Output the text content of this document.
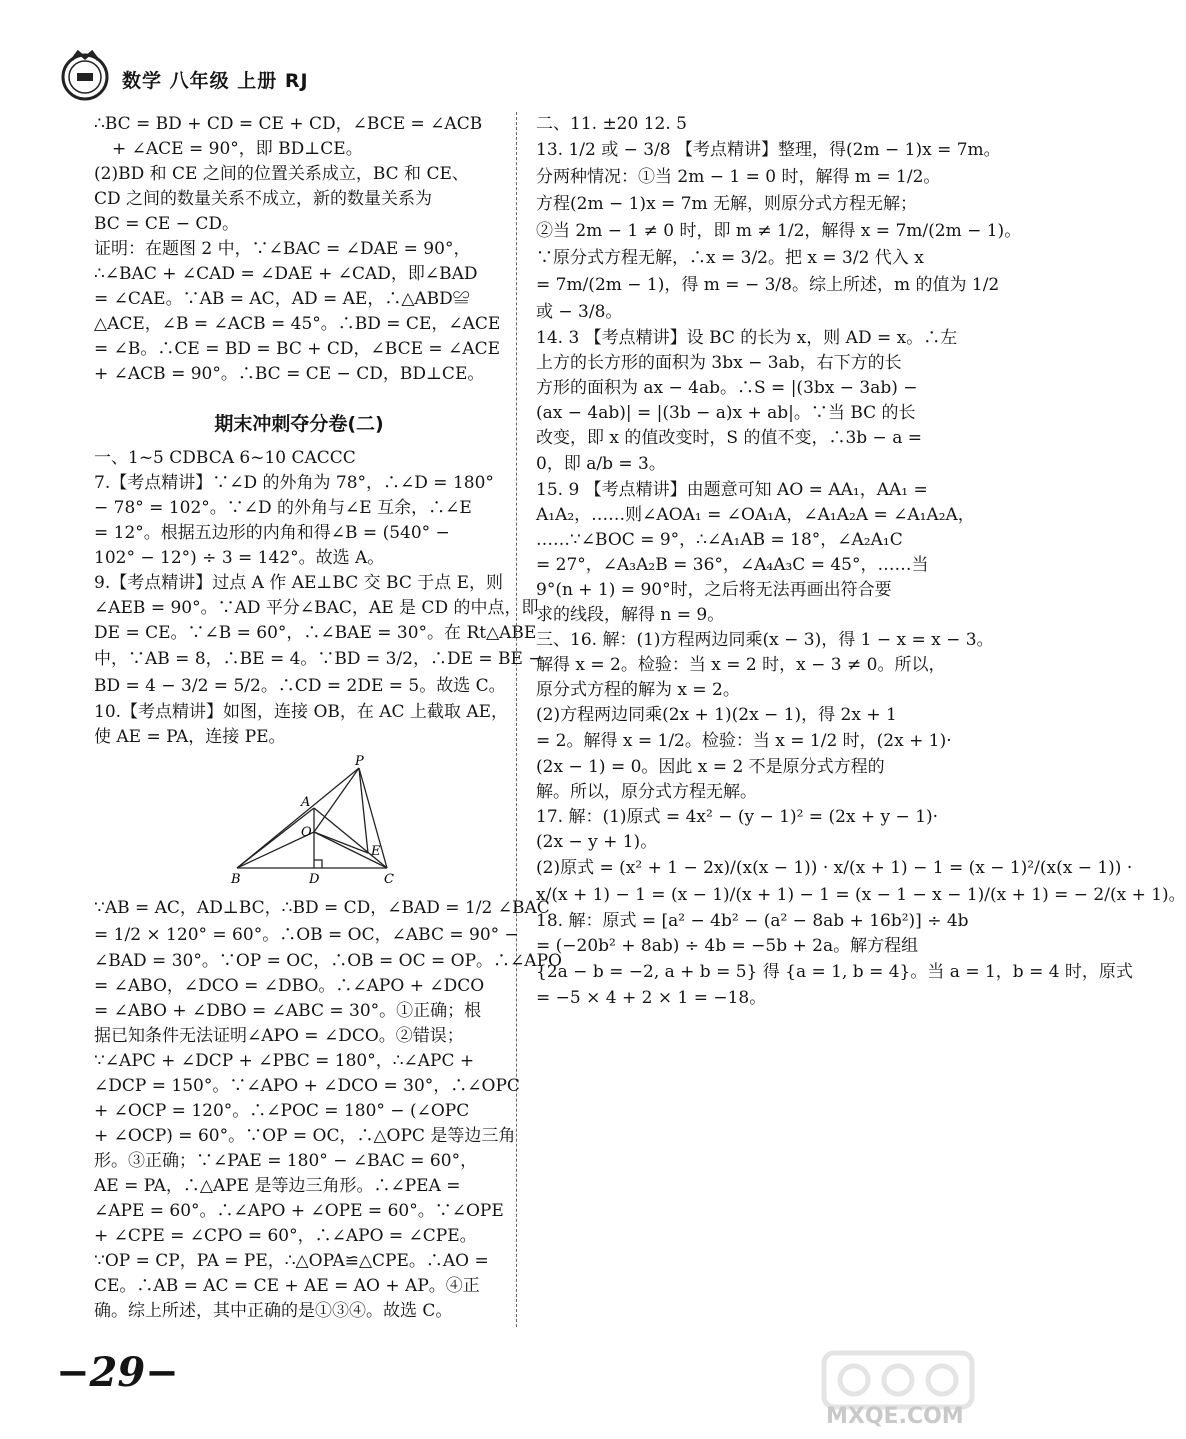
数学 八年级 上册 RJ
∴BC = BD + CD = CE + CD，∠BCE = ∠ACB
+ ∠ACE = 90°，即 BD⊥CE。
(2)BD 和 CE 之间的位置关系成立，BC 和 CE、
CD 之间的数量关系不成立，新的数量关系为
BC = CE − CD。
证明：在题图 2 中，∵∠BAC = ∠DAE = 90°，
∴∠BAC + ∠CAD = ∠DAE + ∠CAD，即∠BAD
= ∠CAE。∵AB = AC，AD = AE，∴△ABD≌
△ACE，∠B = ∠ACB = 45°。∴BD = CE，∠ACE
= ∠B。∴CE = BD = BC + CD，∠BCE = ∠ACE
+ ∠ACB = 90°。∴BC = CE − CD，BD⊥CE。
期末冲刺夺分卷(二)
一、1~5 CDBCA 6~10 CACCC
7.【考点精讲】∵∠D 的外角为 78°，∴∠D = 180°
− 78° = 102°。∵∠D 的外角与∠E 互余，∴∠E
= 12°。根据五边形的内角和得∠B = (540° −
102° − 12°) ÷ 3 = 142°。故选 A。
9.【考点精讲】过点 A 作 AE⊥BC 交 BC 于点 E，则
∠AEB = 90°。∵AD 平分∠BAC，AE 是 CD 的中点，即
DE = CE。∵∠B = 60°，∴∠BAE = 30°。在 Rt△ABE
中，∵AB = 8，∴BE = 4。∵BD = 3/2，∴DE = BE −
BD = 4 − 3/2 = 5/2。∴CD = 2DE = 5。故选 C。
10.【考点精讲】如图，连接 OB，在 AC 上截取 AE，
使 AE = PA，连接 PE。
P
A
O
E
B	D	C
∵AB = AC，AD⊥BC，∴BD = CD，∠BAD = 1/2 ∠BAC
= 1/2 × 120° = 60°。∴OB = OC，∠ABC = 90° −
∠BAD = 30°。∵OP = OC，∴OB = OC = OP。∴∠APO
= ∠ABO，∠DCO = ∠DBO。∴∠APO + ∠DCO
= ∠ABO + ∠DBO = ∠ABC = 30°。①正确；根
据已知条件无法证明∠APO = ∠DCO。②错误；
∵∠APC + ∠DCP + ∠PBC = 180°，∴∠APC +
∠DCP = 150°。∵∠APO + ∠DCO = 30°，∴∠OPC
+ ∠OCP = 120°。∴∠POC = 180° − (∠OPC
+ ∠OCP) = 60°。∵OP = OC，∴△OPC 是等边三角
形。③正确；∵∠PAE = 180° − ∠BAC = 60°，
AE = PA，∴△APE 是等边三角形。∴∠PEA =
∠APE = 60°。∴∠APO + ∠OPE = 60°。∵∠OPE
+ ∠CPE = ∠CPO = 60°，∴∠APO = ∠CPE。
∵OP = CP，PA = PE，∴△OPA≌△CPE。∴AO =
CE。∴AB = AC = CE + AE = AO + AP。④正
确。综上所述，其中正确的是①③④。故选 C。
二、11. ±20 12. 5
13. 1/2 或 − 3/8 【考点精讲】整理，得(2m − 1)x = 7m。
分两种情况：①当 2m − 1 = 0 时，解得 m = 1/2。
方程(2m − 1)x = 7m 无解，则原分式方程无解；
②当 2m − 1 ≠ 0 时，即 m ≠ 1/2，解得 x = 7m/(2m − 1)。
∵原分式方程无解，∴x = 3/2。把 x = 3/2 代入 x
= 7m/(2m − 1)，得 m = − 3/8。综上所述，m 的值为 1/2
或 − 3/8。
14. 3 【考点精讲】设 BC 的长为 x，则 AD = x。∴左
上方的长方形的面积为 3bx − 3ab，右下方的长
方形的面积为 ax − 4ab。∴S = |(3bx − 3ab) −
(ax − 4ab)| = |(3b − a)x + ab|。∵当 BC 的长
改变，即 x 的值改变时，S 的值不变，∴3b − a =
0，即 a/b = 3。
15. 9 【考点精讲】由题意可知 AO = AA₁，AA₁ =
A₁A₂，……则∠AOA₁ = ∠OA₁A，∠A₁A₂A = ∠A₁A₂A，
……∵∠BOC = 9°，∴∠A₁AB = 18°，∠A₂A₁C
= 27°，∠A₃A₂B = 36°，∠A₄A₃C = 45°，……当
9°(n + 1) = 90°时，之后将无法再画出符合要
求的线段，解得 n = 9。
三、16. 解：(1)方程两边同乘(x − 3)，得 1 − x = x − 3。
解得 x = 2。检验：当 x = 2 时，x − 3 ≠ 0。所以，
原分式方程的解为 x = 2。
(2)方程两边同乘(2x + 1)(2x − 1)，得 2x + 1
= 2。解得 x = 1/2。检验：当 x = 1/2 时，(2x + 1)·
(2x − 1) = 0。因此 x = 2 不是原分式方程的
解。所以，原分式方程无解。
17. 解：(1)原式 = 4x² − (y − 1)² = (2x + y − 1)·
(2x − y + 1)。
(2)原式 = (x² + 1 − 2x)/(x(x − 1)) · x/(x + 1) − 1 = (x − 1)²/(x(x − 1)) ·
x/(x + 1) − 1 = (x − 1)/(x + 1) − 1 = (x − 1 − x − 1)/(x + 1) = − 2/(x + 1)。
18. 解：原式 = [a² − 4b² − (a² − 8ab + 16b²)] ÷ 4b
= (−20b² + 8ab) ÷ 4b = −5b + 2a。解方程组
{2a − b = −2, a + b = 5} 得 {a = 1, b = 4}。当 a = 1，b = 4 时，原式
= −5 × 4 + 2 × 1 = −18。
−29−
MXQE.COM
